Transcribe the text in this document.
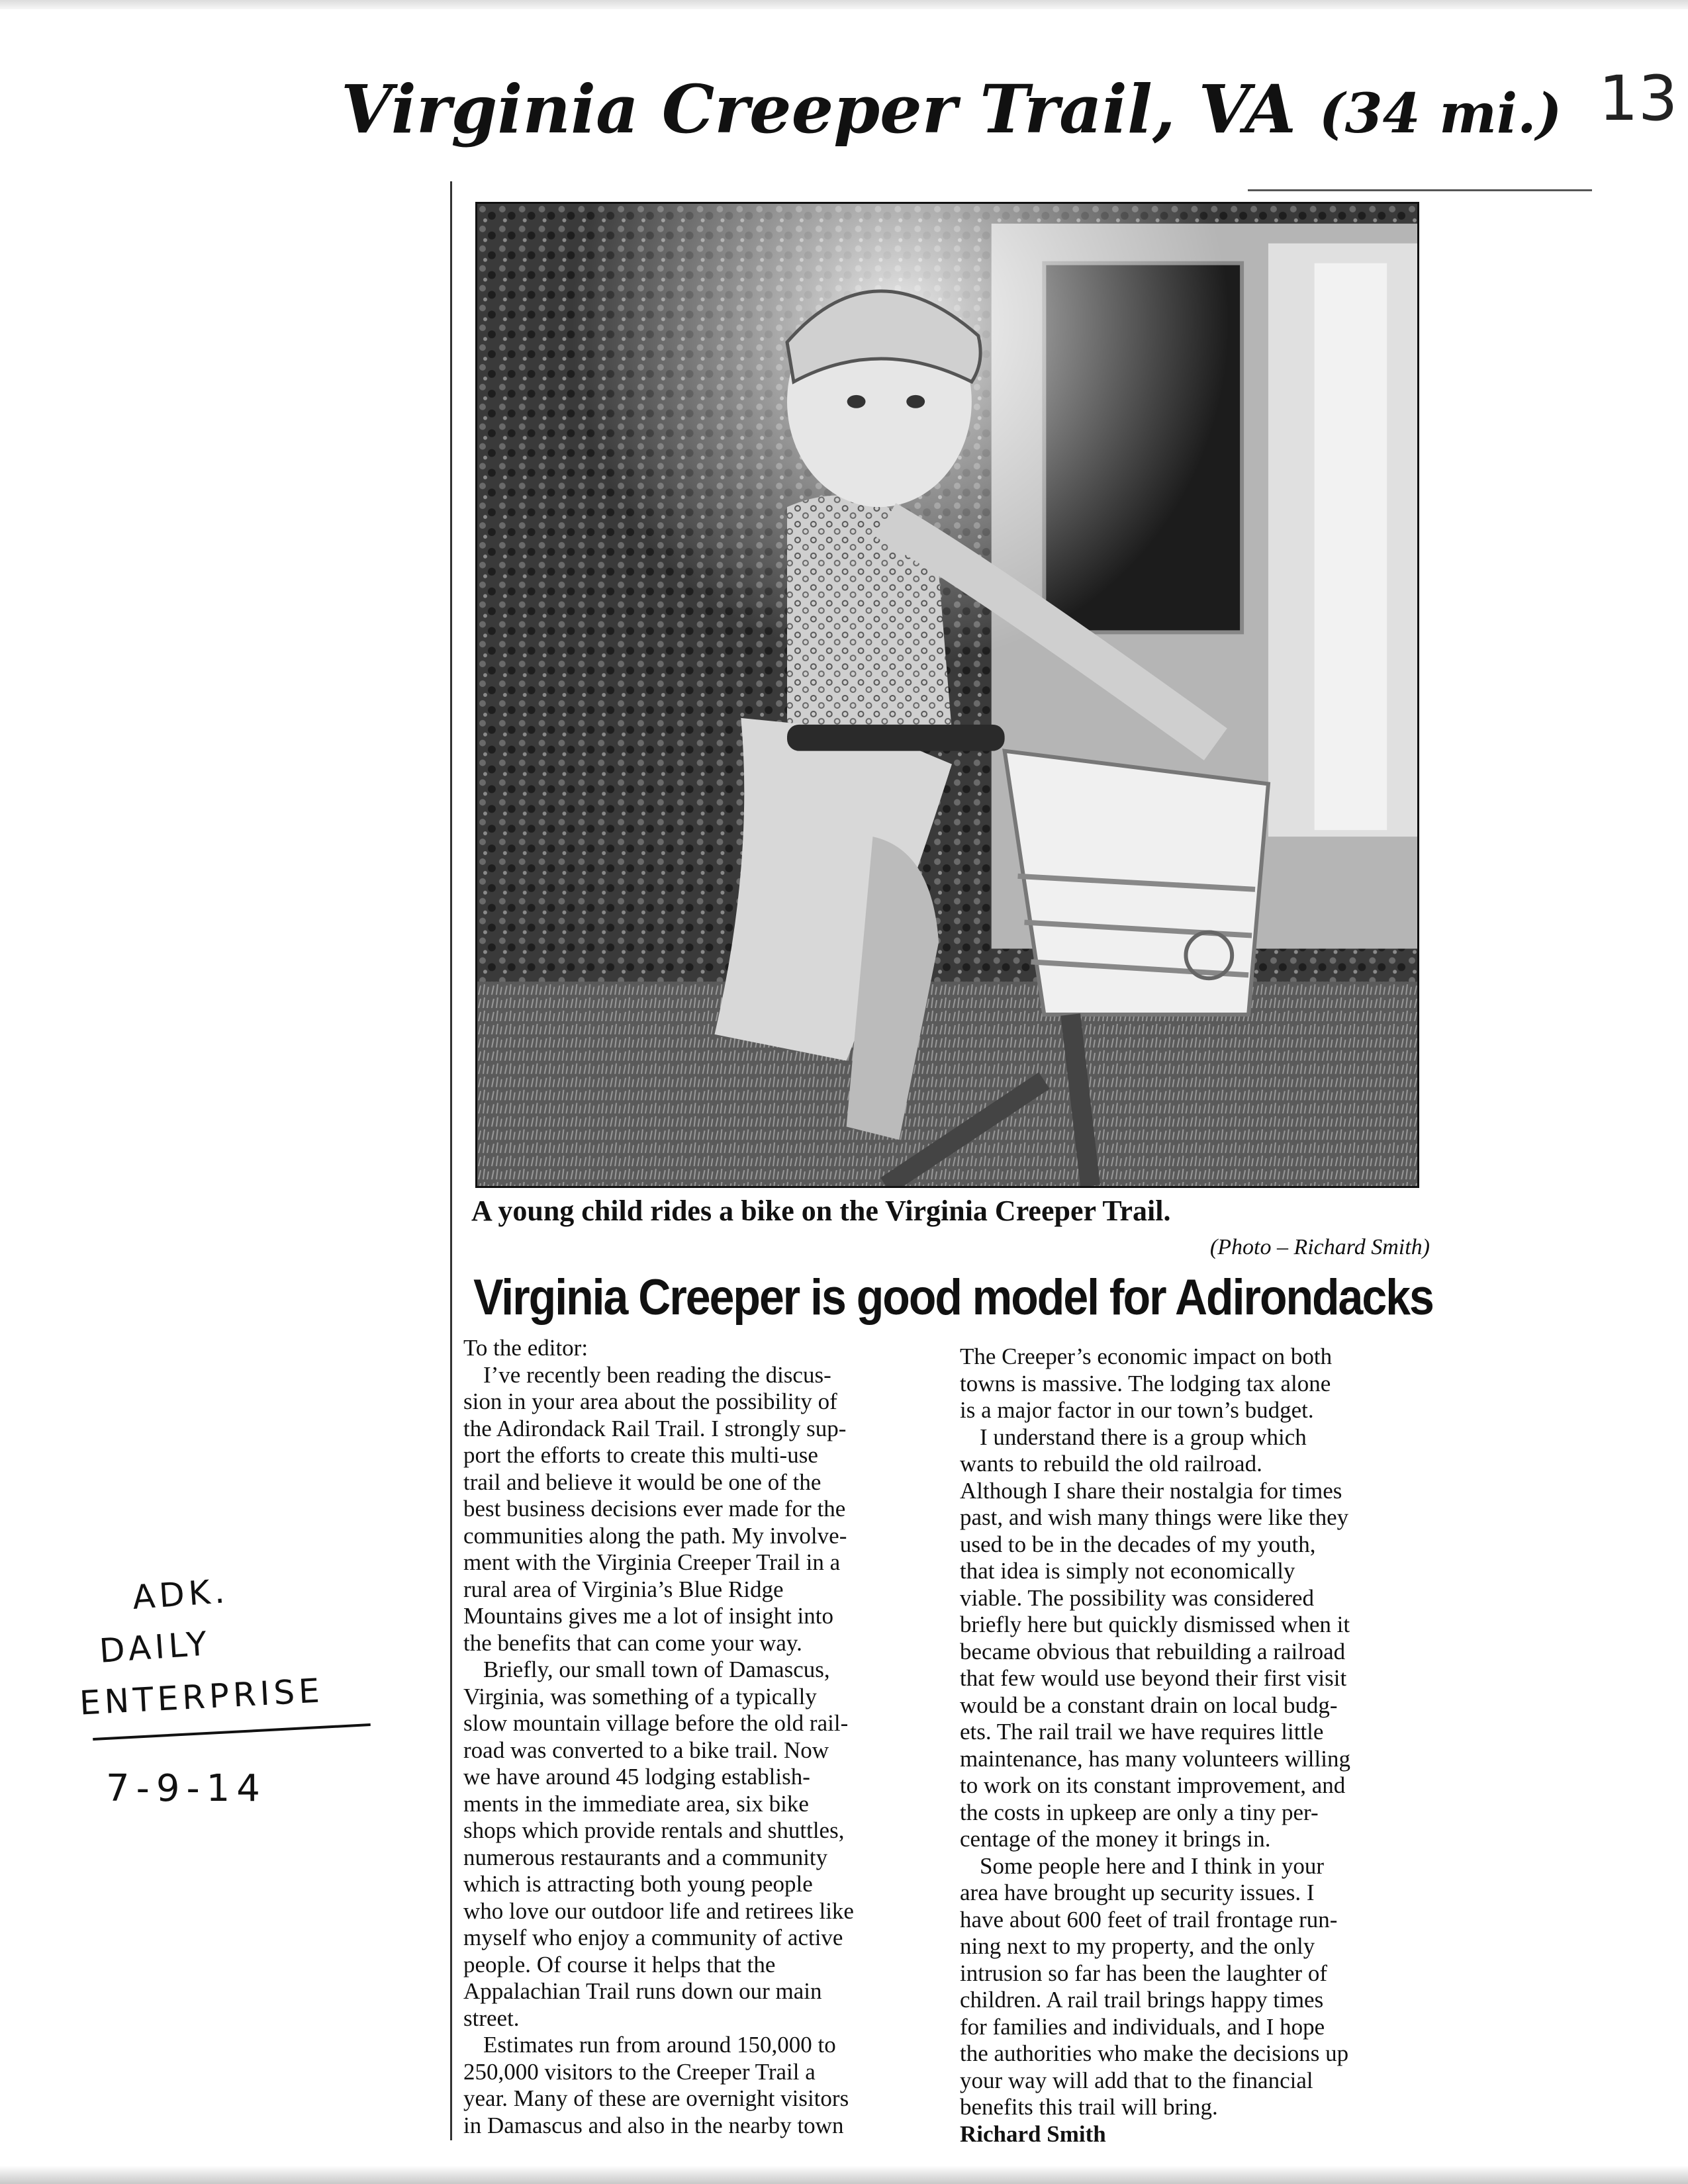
Virginia Creeper Trail, VA (34 mi.) 13
A young child rides a bike on the Virginia Creeper Trail.
(Photo – Richard Smith)
Virginia Creeper is good model for Adirondacks

To the editor:

I’ve recently been reading the discus-

sion in your area about the possibility of

the Adirondack Rail Trail. I strongly sup-

port the efforts to create this multi-use

trail and believe it would be one of the

best business decisions ever made for the

communities along the path. My involve-

ment with the Virginia Creeper Trail in a

rural area of Virginia’s Blue Ridge

Mountains gives me a lot of insight into

the benefits that can come your way.

Briefly, our small town of Damascus,

Virginia, was something of a typically

slow mountain village before the old rail-

road was converted to a bike trail. Now

we have around 45 lodging establish-

ments in the immediate area, six bike

shops which provide rentals and shuttles,

numerous restaurants and a community

which is attracting both young people

who love our outdoor life and retirees like

myself who enjoy a community of active

people. Of course it helps that the

Appalachian Trail runs down our main

street.

Estimates run from around 150,000 to

250,000 visitors to the Creeper Trail a

year. Many of these are overnight visitors

in Damascus and also in the nearby town

The Creeper’s economic impact on both

towns is massive. The lodging tax alone

is a major factor in our town’s budget.

I understand there is a group which

wants to rebuild the old railroad.

Although I share their nostalgia for times

past, and wish many things were like they

used to be in the decades of my youth,

that idea is simply not economically

viable. The possibility was considered

briefly here but quickly dismissed when it

became obvious that rebuilding a railroad

that few would use beyond their first visit

would be a constant drain on local budg-

ets. The rail trail we have requires little

maintenance, has many volunteers willing

to work on its constant improvement, and

the costs in upkeep are only a tiny per-

centage of the money it brings in.

Some people here and I think in your

area have brought up security issues. I

have about 600 feet of trail frontage run-

ning next to my property, and the only

intrusion so far has been the laughter of

children. A rail trail brings happy times

for families and individuals, and I hope

the authorities who make the decisions up

your way will add that to the financial

benefits this trail will bring.

Richard Smith

ADK.
DAILY
ENTERPRISE
7-9-14
